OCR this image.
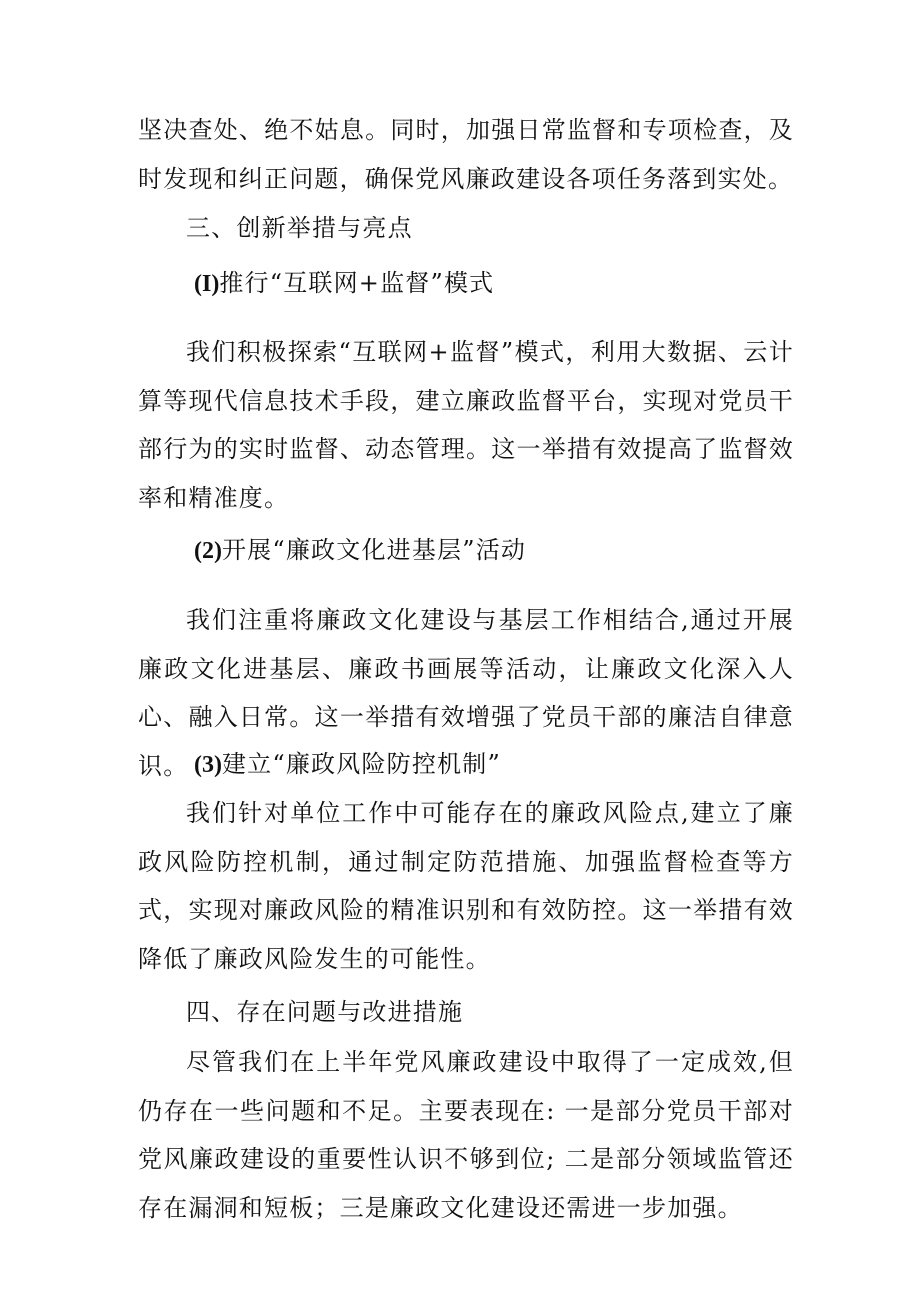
坚决查处、绝不姑息。同时，加强日常监督和专项检查，及时发现和纠正问题，确保党风廉政建设各项任务落到实处。

三、创新举措与亮点
(I)推行“互联网+监督”模式

我们积极探索“互联网+监督”模式，利用大数据、云计算等现代信息技术手段，建立廉政监督平台，实现对党员干部行为的实时监督、动态管理。这一举措有效提高了监督效率和精准度。

(2)开展“廉政文化进基层”活动

我们注重将廉政文化建设与基层工作相结合,通过开展廉政文化进基层、廉政书画展等活动，让廉政文化深入人心、融入日常。这一举措有效增强了党员干部的廉洁自律意识。 (3)建立“廉政风险防控机制”

我们针对单位工作中可能存在的廉政风险点,建立了廉政风险防控机制，通过制定防范措施、加强监督检查等方式，实现对廉政风险的精准识别和有效防控。这一举措有效降低了廉政风险发生的可能性。

四、存在问题与改进措施

尽管我们在上半年党风廉政建设中取得了一定成效,但仍存在一些问题和不足。主要表现在: 一是部分党员干部对党风廉政建设的重要性认识不够到位; 二是部分领域监管还存在漏洞和短板；三是廉政文化建设还需进一步加强。
